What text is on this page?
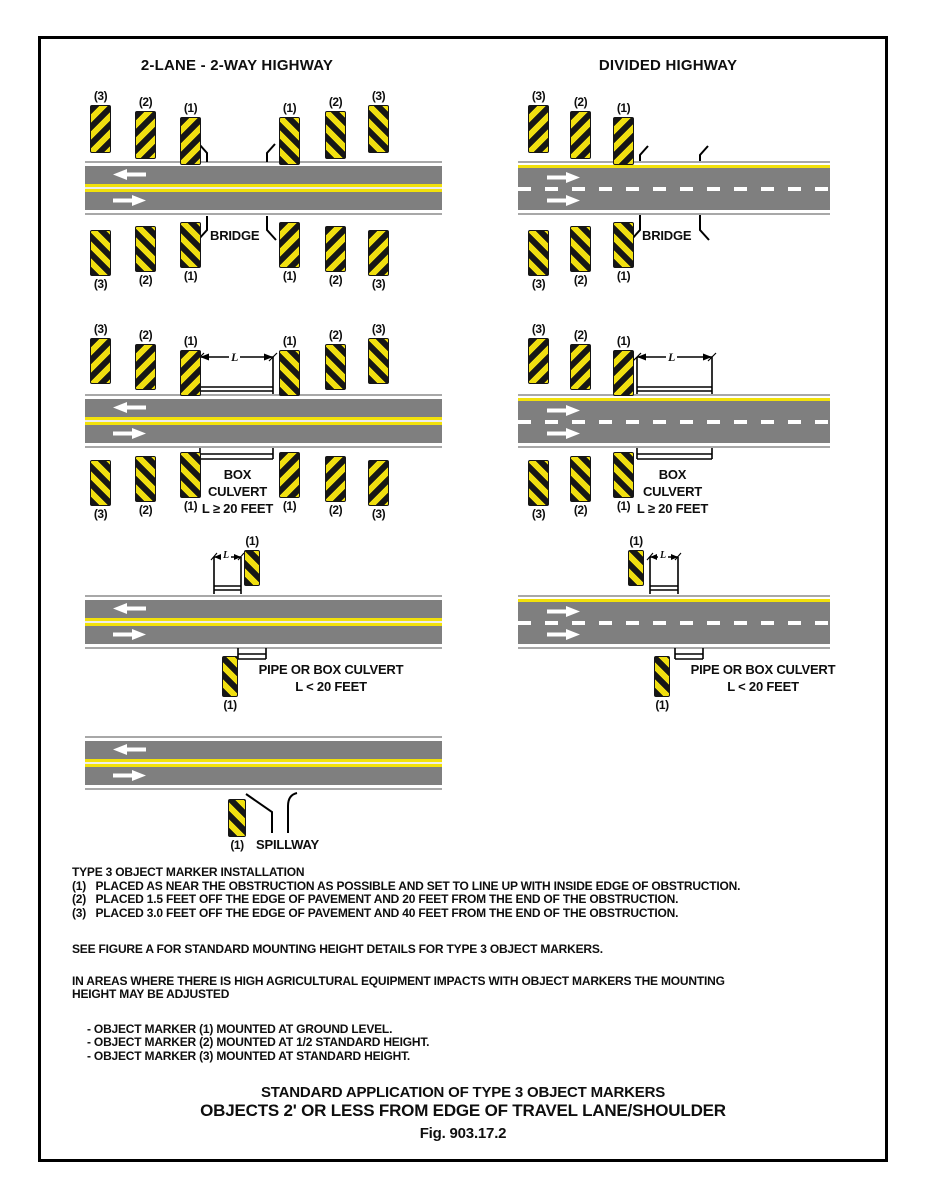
2-LANE - 2-WAY HIGHWAY	DIVIDED HIGHWAY
L	L
L	L
(3)	(2)	(1)	(1)	(2)	(3)
(1)
(2)
(3)
(1)	(2)	(3)
(3)	(2)	(1)
(1)
(2)
(3)
(3)	(2)	(1)	(1)	(2)	(3)
(1)
(2)
(3)
(1)	(2)	(3)
(3)	(2)	(1)
(1)
(2)
(3)
(1)
(1)
(1)
(1)
(1)
BRIDGE	BRIDGE
BOX
CULVERT
L ≥ 20 FEET
BOX
CULVERT
L ≥ 20 FEET
PIPE OR BOX CULVERT
L < 20 FEET
PIPE OR BOX CULVERT
L < 20 FEET
SPILLWAY

TYPE 3 OBJECT MARKER INSTALLATION

(1)   PLACED AS NEAR THE OBSTRUCTION AS POSSIBLE AND SET TO LINE UP WITH INSIDE EDGE OF OBSTRUCTION.

(2)   PLACED 1.5 FEET OFF THE EDGE OF PAVEMENT AND 20 FEET FROM THE END OF THE OBSTRUCTION.

(3)   PLACED 3.0 FEET OFF THE EDGE OF PAVEMENT AND 40 FEET FROM THE END OF THE OBSTRUCTION.

SEE FIGURE A FOR STANDARD MOUNTING HEIGHT DETAILS FOR TYPE 3 OBJECT MARKERS.

IN AREAS WHERE THERE IS HIGH AGRICULTURAL EQUIPMENT IMPACTS WITH OBJECT MARKERS THE MOUNTING HEIGHT MAY BE ADJUSTED

- OBJECT MARKER (1) MOUNTED AT GROUND LEVEL.

- OBJECT MARKER (2) MOUNTED AT 1/2 STANDARD HEIGHT.

- OBJECT MARKER (3) MOUNTED AT STANDARD HEIGHT.

STANDARD APPLICATION OF TYPE 3 OBJECT MARKERS
OBJECTS 2' OR LESS FROM EDGE OF TRAVEL LANE/SHOULDER
Fig. 903.17.2
